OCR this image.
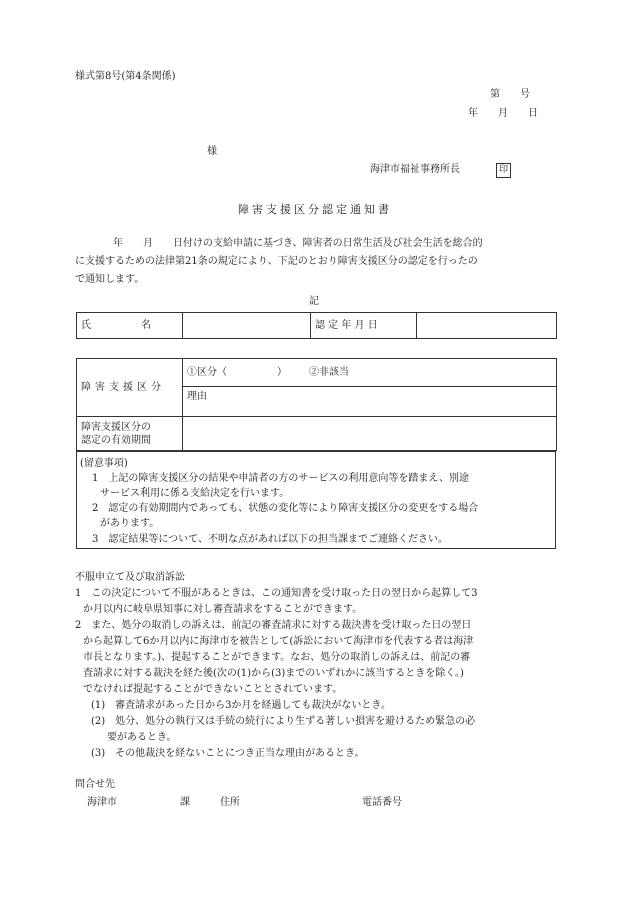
様式第8号(第4条関係)
第　　号
年　　月　　日
様
海津市福祉事務所長	印
障害支援区分認定通知書
年　　月　　日付けの支給申請に基づき、障害者の日常生活及び社会生活を総合的
に支援するための法律第21条の規定により、下記のとおり障害支援区分の認定を行ったの
で通知します。
記
氏　　　　　名		認 定 年 月 日	
障害支援区分	①区分（　　　　　） ②非該当
	理由
障害支援区分の
認定の有効期間	
(留意事項)
1　上記の障害支援区分の結果や申請者の方のサービスの利用意向等を踏まえ、別途
サービス利用に係る支給決定を行います。
2　認定の有効期間内であっても、状態の変化等により障害支援区分の変更をする場合
があります。
3　認定結果等について、不明な点があれば以下の担当課までご連絡ください。
不服申立て及び取消訴訟
1　この決定について不服があるときは、この通知書を受け取った日の翌日から起算して3
か月以内に岐阜県知事に対し審査請求をすることができます。
2　また、処分の取消しの訴えは、前記の審査請求に対する裁決書を受け取った日の翌日
から起算して6か月以内に海津市を被告として(訴訟において海津市を代表する者は海津
市長となります。)、提起することができます。なお、処分の取消しの訴えは、前記の審
査請求に対する裁決を経た後(次の(1)から(3)までのいずれかに該当するときを除く。)
でなければ提起することができないこととされています。
(1)　審査請求があった日から3か月を経過しても裁決がないとき。
(2)　処分、処分の執行又は手続の続行により生ずる著しい損害を避けるため緊急の必
要があるとき。
(3)　その他裁決を経ないことにつき正当な理由があるとき。
問合せ先
海津市	課	住所	電話番号
